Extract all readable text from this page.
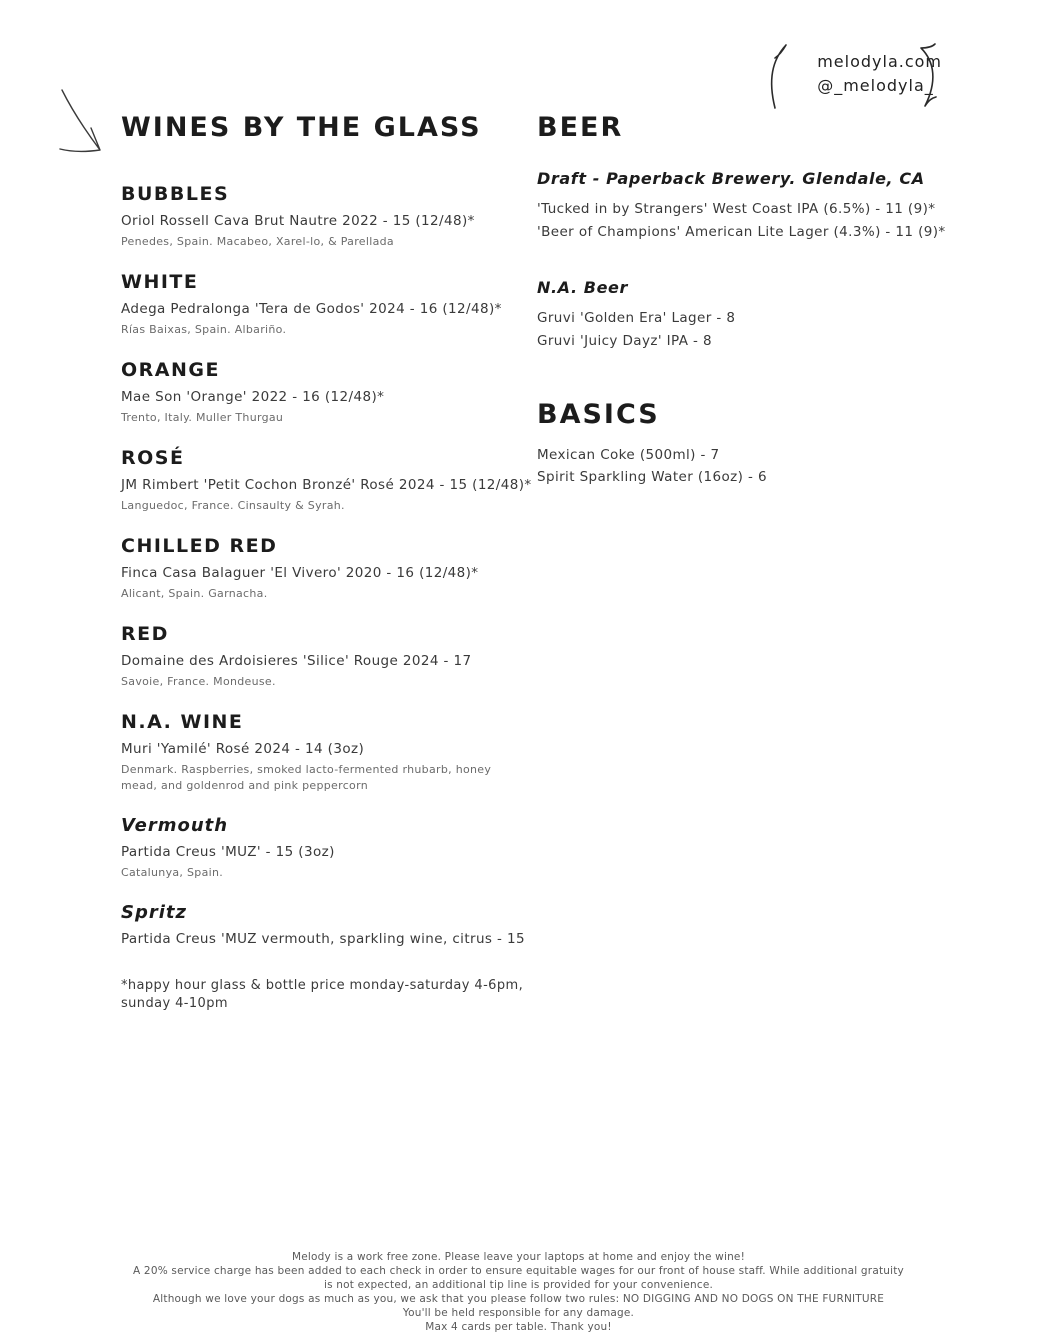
melodyla.com
@_melodyla_
WINES BY THE GLASS
BUBBLES
Oriol Rossell Cava Brut Nautre 2022 - 15 (12/48)*
Penedes, Spain. Macabeo, Xarel-lo, & Parellada
WHITE
Adega Pedralonga 'Tera de Godos' 2024 - 16 (12/48)*
Rías Baixas, Spain. Albariño.
ORANGE
Mae Son 'Orange' 2022 - 16 (12/48)*
Trento, Italy. Muller Thurgau
ROSÉ
JM Rimbert 'Petit Cochon Bronzé' Rosé 2024 - 15 (12/48)*
Languedoc, France. Cinsaulty & Syrah.
CHILLED RED
Finca Casa Balaguer 'El Vivero' 2020 - 16 (12/48)*
Alicant, Spain. Garnacha.
RED
Domaine des Ardoisieres 'Silice' Rouge 2024 - 17
Savoie, France. Mondeuse.
N.A. WINE
Muri 'Yamilé' Rosé 2024 - 14 (3oz)
Denmark. Raspberries, smoked lacto-fermented rhubarb, honey mead, and goldenrod and pink peppercorn
Vermouth
Partida Creus 'MUZ' - 15 (3oz)
Catalunya, Spain.
Spritz
Partida Creus 'MUZ vermouth, sparkling wine, citrus - 15
*happy hour glass & bottle price monday-saturday 4-6pm,
sunday 4-10pm
BEER
Draft - Paperback Brewery. Glendale, CA
'Tucked in by Strangers' West Coast IPA (6.5%) - 11 (9)*
'Beer of Champions' American Lite Lager (4.3%) - 11 (9)*
N.A. Beer
Gruvi 'Golden Era' Lager - 8
Gruvi 'Juicy Dayz' IPA - 8
BASICS
Mexican Coke (500ml) - 7
Spirit Sparkling Water (16oz) - 6
Melody is a work free zone. Please leave your laptops at home and enjoy the wine!
A 20% service charge has been added to each check in order to ensure equitable wages for our front of house staff. While additional gratuity
is not expected, an additional tip line is provided for your convenience.
Although we love your dogs as much as you, we ask that you please follow two rules: NO DIGGING AND NO DOGS ON THE FURNITURE
You'll be held responsible for any damage.
Max 4 cards per table. Thank you!
